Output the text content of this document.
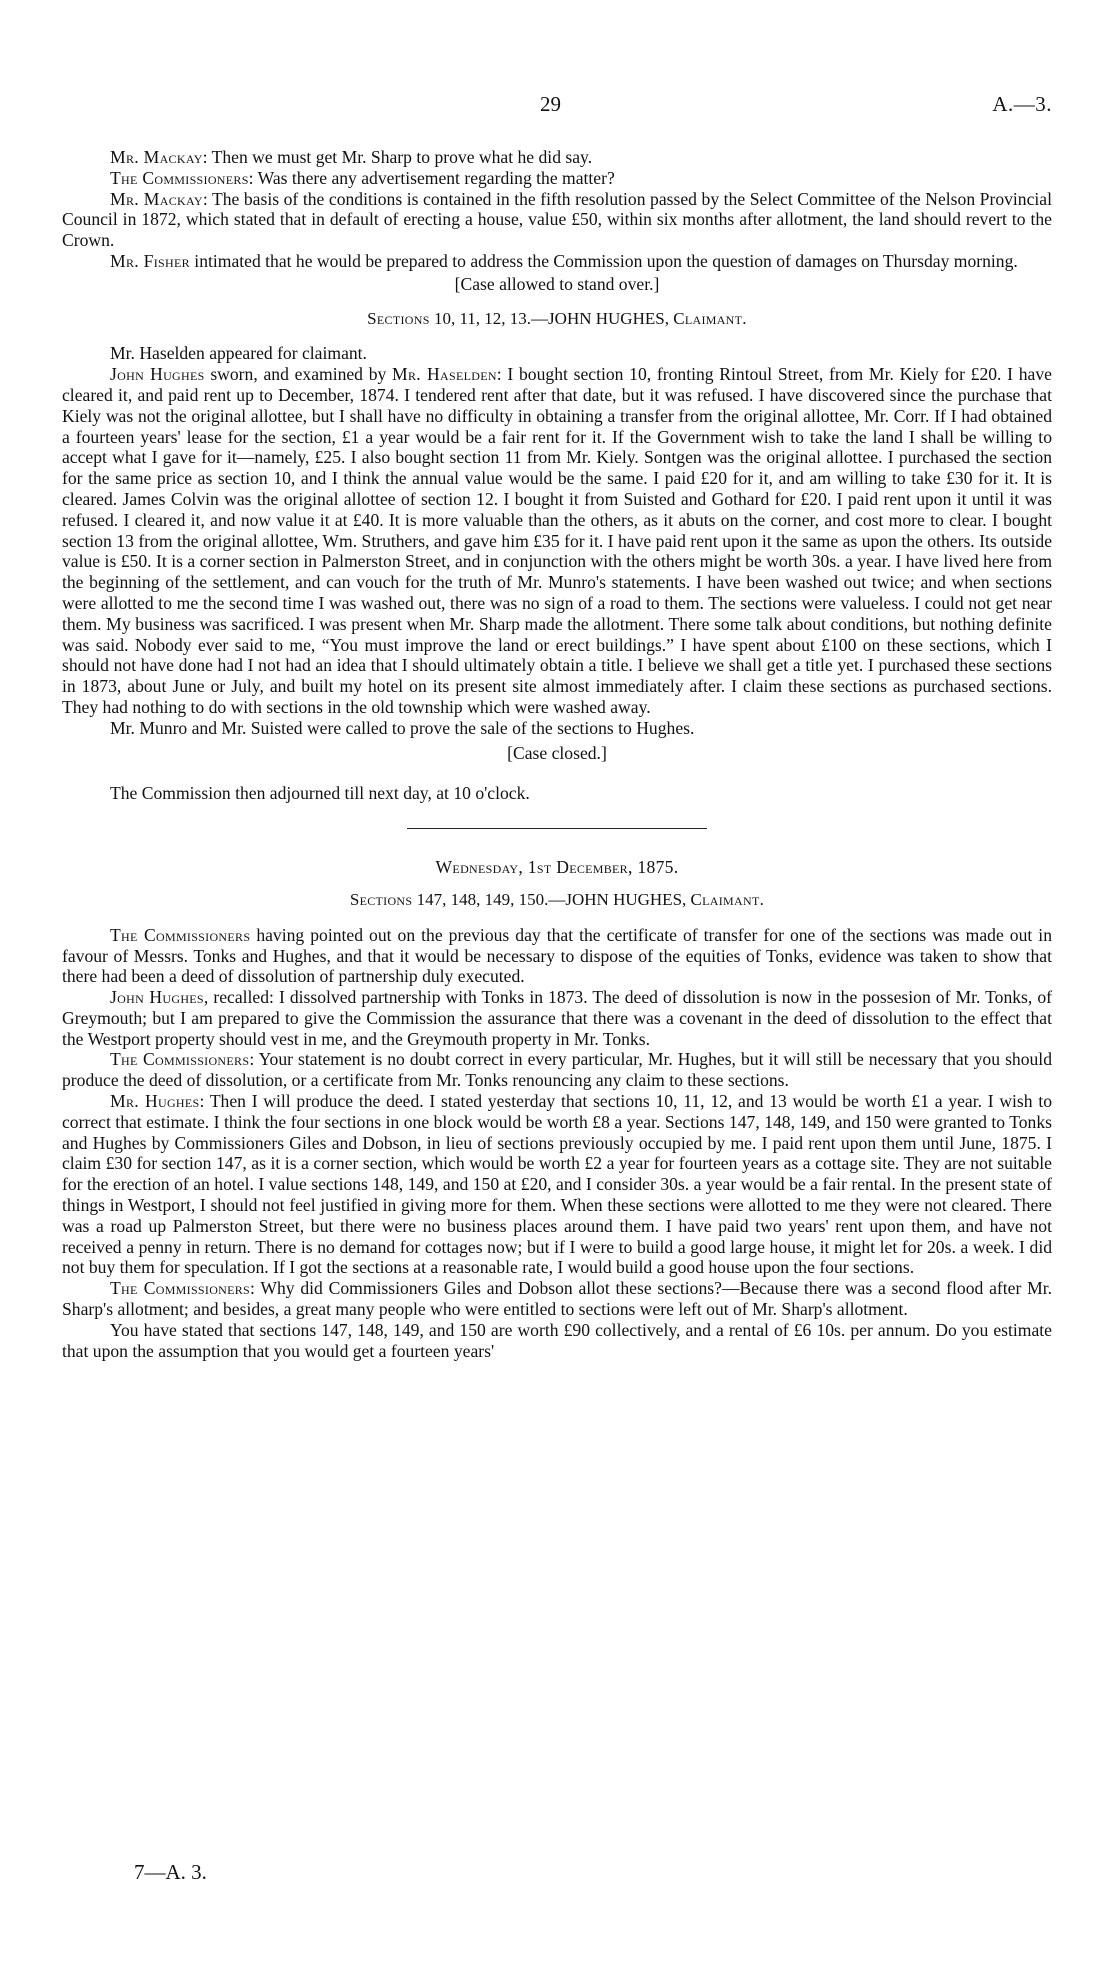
29	A.—3.

Mr. Mackay: Then we must get Mr. Sharp to prove what he did say.

The Commissioners: Was there any advertisement regarding the matter?

Mr. Mackay: The basis of the conditions is contained in the fifth resolution passed by the Select Committee of the Nelson Provincial Council in 1872, which stated that in default of erecting a house, value £50, within six months after allotment, the land should revert to the Crown.

Mr. Fisher intimated that he would be prepared to address the Commission upon the question of damages on Thursday morning.

[Case allowed to stand over.]

Sections 10, 11, 12, 13.—JOHN HUGHES, Claimant.

Mr. Haselden appeared for claimant.

John Hughes sworn, and examined by Mr. Haselden: I bought section 10, fronting Rintoul Street, from Mr. Kiely for £20. I have cleared it, and paid rent up to December, 1874. I tendered rent after that date, but it was refused. I have discovered since the purchase that Kiely was not the original allottee, but I shall have no difficulty in obtaining a transfer from the original allottee, Mr. Corr. If I had obtained a fourteen years' lease for the section, £1 a year would be a fair rent for it. If the Government wish to take the land I shall be willing to accept what I gave for it—namely, £25. I also bought section 11 from Mr. Kiely. Sontgen was the original allottee. I purchased the section for the same price as section 10, and I think the annual value would be the same. I paid £20 for it, and am willing to take £30 for it. It is cleared. James Colvin was the original allottee of section 12. I bought it from Suisted and Gothard for £20. I paid rent upon it until it was refused. I cleared it, and now value it at £40. It is more valuable than the others, as it abuts on the corner, and cost more to clear. I bought section 13 from the original allottee, Wm. Struthers, and gave him £35 for it. I have paid rent upon it the same as upon the others. Its outside value is £50. It is a corner section in Palmerston Street, and in conjunction with the others might be worth 30s. a year. I have lived here from the beginning of the settlement, and can vouch for the truth of Mr. Munro's statements. I have been washed out twice; and when sections were allotted to me the second time I was washed out, there was no sign of a road to them. The sections were valueless. I could not get near them. My business was sacrificed. I was present when Mr. Sharp made the allotment. There some talk about conditions, but nothing definite was said. Nobody ever said to me, “You must improve the land or erect buildings.” I have spent about £100 on these sections, which I should not have done had I not had an idea that I should ultimately obtain a title. I believe we shall get a title yet. I purchased these sections in 1873, about June or July, and built my hotel on its present site almost immediately after. I claim these sections as purchased sections. They had nothing to do with sections in the old township which were washed away.

Mr. Munro and Mr. Suisted were called to prove the sale of the sections to Hughes.

[Case closed.]

The Commission then adjourned till next day, at 10 o'clock.

Wednesday, 1st December, 1875.

Sections 147, 148, 149, 150.—JOHN HUGHES, Claimant.

The Commissioners having pointed out on the previous day that the certificate of transfer for one of the sections was made out in favour of Messrs. Tonks and Hughes, and that it would be necessary to dispose of the equities of Tonks, evidence was taken to show that there had been a deed of dissolution of partnership duly executed.

John Hughes, recalled: I dissolved partnership with Tonks in 1873. The deed of dissolution is now in the possesion of Mr. Tonks, of Greymouth; but I am prepared to give the Commission the assurance that there was a covenant in the deed of dissolution to the effect that the Westport property should vest in me, and the Greymouth property in Mr. Tonks.

The Commissioners: Your statement is no doubt correct in every particular, Mr. Hughes, but it will still be necessary that you should produce the deed of dissolution, or a certificate from Mr. Tonks renouncing any claim to these sections.

Mr. Hughes: Then I will produce the deed. I stated yesterday that sections 10, 11, 12, and 13 would be worth £1 a year. I wish to correct that estimate. I think the four sections in one block would be worth £8 a year. Sections 147, 148, 149, and 150 were granted to Tonks and Hughes by Commissioners Giles and Dobson, in lieu of sections previously occupied by me. I paid rent upon them until June, 1875. I claim £30 for section 147, as it is a corner section, which would be worth £2 a year for fourteen years as a cottage site. They are not suitable for the erection of an hotel. I value sections 148, 149, and 150 at £20, and I consider 30s. a year would be a fair rental. In the present state of things in Westport, I should not feel justified in giving more for them. When these sections were allotted to me they were not cleared. There was a road up Palmerston Street, but there were no business places around them. I have paid two years' rent upon them, and have not received a penny in return. There is no demand for cottages now; but if I were to build a good large house, it might let for 20s. a week. I did not buy them for speculation. If I got the sections at a reasonable rate, I would build a good house upon the four sections.

The Commissioners: Why did Commissioners Giles and Dobson allot these sections?—Because there was a second flood after Mr. Sharp's allotment; and besides, a great many people who were entitled to sections were left out of Mr. Sharp's allotment.

You have stated that sections 147, 148, 149, and 150 are worth £90 collectively, and a rental of £6 10s. per annum. Do you estimate that upon the assumption that you would get a fourteen years'

7—A. 3.
